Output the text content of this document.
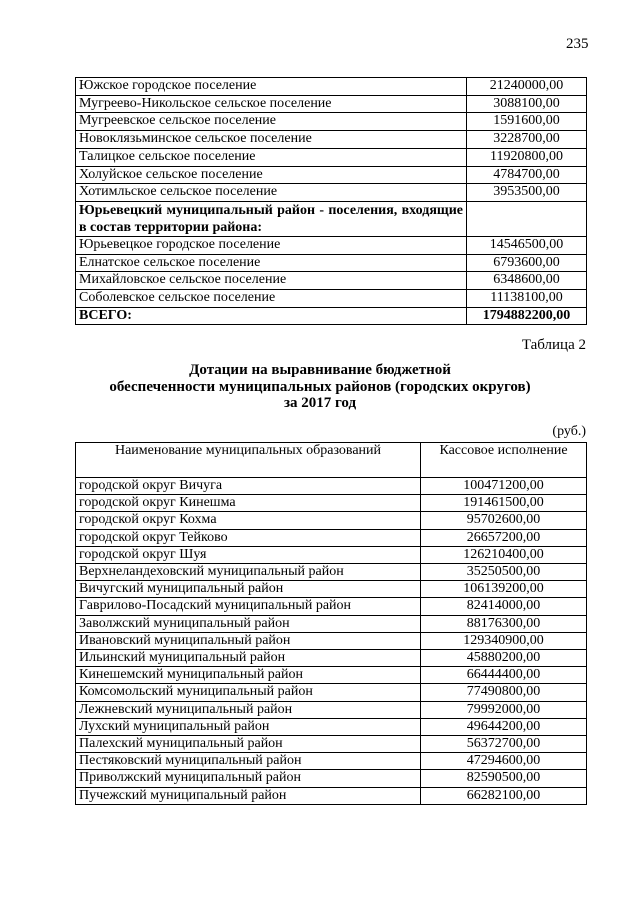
235
Южское городское поселение	21240000,00
Мугреево-Никольское сельское поселение	3088100,00
Мугреевское сельское поселение	1591600,00
Новоклязьминское сельское поселение	3228700,00
Талицкое сельское поселение	11920800,00
Холуйское сельское поселение	4784700,00
Хотимльское сельское поселение	3953500,00
Юрьевецкий муниципальный район - поселения, входящие в состав территории района:	
Юрьевецкое городское поселение	14546500,00
Елнатское сельское поселение	6793600,00
Михайловское сельское поселение	6348600,00
Соболевское сельское поселение	11138100,00
ВСЕГО:	1794882200,00
Таблица 2
Дотации на выравнивание бюджетной
обеспеченности муниципальных районов (городских округов)
за 2017 год
(руб.)
Наименование муниципальных образований	Кассовое исполнение
городской округ Вичуга	100471200,00
городской округ Кинешма	191461500,00
городской округ Кохма	95702600,00
городской округ Тейково	26657200,00
городской округ Шуя	126210400,00
Верхнеландеховский муниципальный район	35250500,00
Вичугский муниципальный район	106139200,00
Гаврилово-Посадский муниципальный район	82414000,00
Заволжский муниципальный район	88176300,00
Ивановский муниципальный район	129340900,00
Ильинский муниципальный район	45880200,00
Кинешемский муниципальный район	66444400,00
Комсомольский муниципальный район	77490800,00
Лежневский муниципальный район	79992000,00
Лухский муниципальный район	49644200,00
Палехский муниципальный район	56372700,00
Пестяковский муниципальный район	47294600,00
Приволжский муниципальный район	82590500,00
Пучежский муниципальный район	66282100,00
